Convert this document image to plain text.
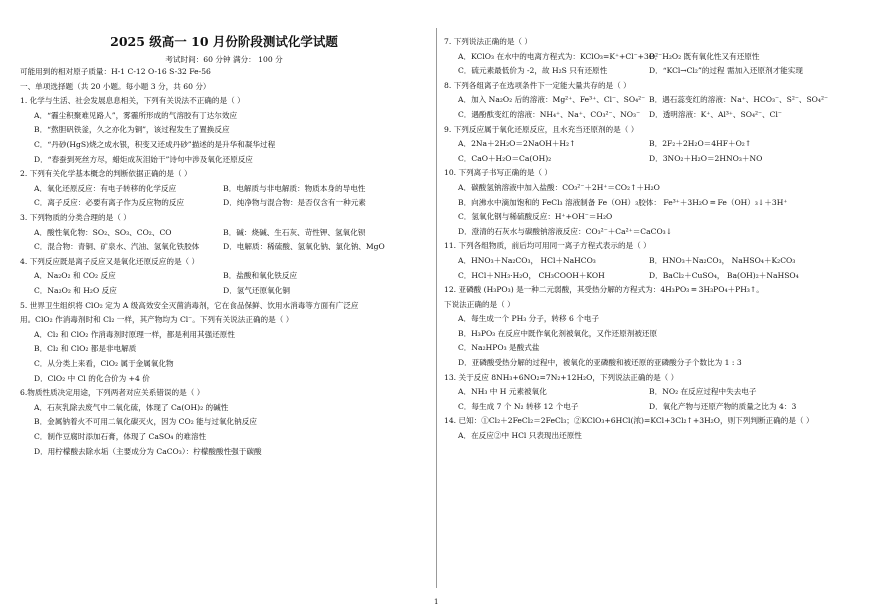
2025 级高一 10 月份阶段测试化学试题
考试时间：60 分钟 满分： 100 分
可能用到的相对原子质量：H-1 C-12 O-16 S-32 Fe-56
一、单项选择题（共 20 小题。每小题 3 分，共 60 分）
1. 化学与生活、社会发展息息相关，下列有关说法不正确的是（ ）
A．“霾尘积聚难见路人”，雾霾所形成的气溶胶有丁达尔效应
B．“熬胆矾铁釜，久之亦化为铜”，该过程发生了置换反应
C．“丹砂(HgS)烧之成水银，积变又还成丹砂”描述的是升华和凝华过程
D．“春蚕到死丝方尽，蜡炬成灰泪始干”诗句中涉及氧化还原反应
2. 下列有关化学基本概念的判断依据正确的是（ ）
A．氧化还原反应：有电子转移的化学反应	B．电解质与非电解质：物质本身的导电性
C．离子反应：必要有离子作为反应物的反应	D．纯净物与混合物：是否仅含有一种元素
3. 下列物质的分类合理的是（ ）
A．酸性氧化物：SO₂、SO₃、CO₂、CO	B．碱：烧碱、生石灰、苛性钾、氢氧化钡
C．混合物：青铜、矿泉水、汽油、氢氧化铁胶体	D．电解质：稀硫酸、氢氧化钠、氯化钠、MgO
4. 下列反应既是离子反应又是氧化还原反应的是（ ）
A．Na₂O₂ 和 CO₂ 反应	B．盐酸和氧化铁反应
C．Na₂O₂ 和 H₂O 反应	D．氢气还原氧化铜
5. 世界卫生组织将 ClO₂ 定为 A 级高效安全灭菌消毒剂，它在食品保鲜、饮用水消毒等方面有广泛应
用。ClO₂ 作消毒剂时和 Cl₂ 一样，其产物均为 Cl⁻。下列有关说法正确的是（ ）
A．Cl₂ 和 ClO₂ 作消毒剂时原理一样，都是利用其强还原性
B．Cl₂ 和 ClO₂ 都是非电解质
C．从分类上来看，ClO₂ 属于金属氧化物
D．ClO₂ 中 Cl 的化合价为 +4 价
6.物质性质决定用途，下列两者对应关系错误的是（ ）
A．石灰乳除去废气中二氧化硫，体现了 Ca(OH)₂ 的碱性
B．金属钠着火不可用二氧化碳灭火，因为 CO₂ 能与过氧化钠反应
C．制作豆腐时添加石膏，体现了 CaSO₄ 的难溶性
D．用柠檬酸去除水垢（主要成分为 CaCO₃）：柠檬酸酸性强于碳酸
7. 下列说法正确的是（ ）
A．KClO₃ 在水中的电离方程式为：KClO₃=K⁺+Cl⁻+3O²⁻
B．H₂O₂ 既有氧化性又有还原性
C．硫元素最低价为 -2，故 H₂S 只有还原性	D．“KCl→Cl₂”的过程 需加入还原剂才能实现
8. 下列各组离子在选项条件下一定能大量共存的是（ ）
A．加入 Na₂O₂ 后的溶液：Mg²⁺、Fe³⁺、Cl⁻、SO₄²⁻ B．遇石蕊变红的溶液：Na⁺、HCO₃⁻、S²⁻、SO₄²⁻
C．遇酚酞变红的溶液：NH₄⁺、Na⁺、CO₃²⁻、NO₃⁻	D．透明溶液：K⁺、Al³⁺、SO₄²⁻、Cl⁻
9. 下列反应属于氧化还原反应，且水充当还原剂的是（ ）
A．2Na＋2H₂O＝2NaOH＋H₂↑	B．2F₂＋2H₂O＝4HF＋O₂↑
C．CaO＋H₂O＝Ca(OH)₂	D．3NO₂＋H₂O＝2HNO₃＋NO
10. 下列离子书写正确的是（ ）
A．碳酸氢钠溶液中加入盐酸：CO₃²⁻＋2H⁺＝CO₂↑＋H₂O
B．向沸水中滴加饱和的 FeCl₃ 溶液制备 Fe（OH）₃胶体： Fe³⁺＋3H₂O ═ Fe（OH）₃↓＋3H⁺
C．氢氧化钢与稀硫酸反应：H⁺+OH⁻＝H₂O
D．澄清的石灰水与碳酸钠溶液反应：CO₃²⁻＋Ca²⁺＝CaCO₃↓
11. 下列各组物质，前后均可用同一离子方程式表示的是（ ）
A．HNO₃＋Na₂CO₃， HCl＋NaHCO₃	B．HNO₃＋Na₂CO₃， NaHSO₄＋K₂CO₃
C．HCl＋NH₃·H₂O， CH₃COOH＋KOH	D．BaCl₂＋CuSO₄， Ba(OH)₂＋NaHSO₄
12. 亚磷酸 (H₃PO₃) 是一种二元弱酸，其受热分解的方程式为：4H₃PO₃ ═ 3H₃PO₄＋PH₃↑。
下说法正确的是（ ）
A．每生成一个 PH₃ 分子，转移 6 个电子
B．H₃PO₃ 在反应中既作氧化剂被氧化，又作还原剂被还原
C．Na₂HPO₃ 是酸式盐
D．亚磷酸受热分解的过程中，被氧化的亚磷酸和被还原的亚磷酸分子个数比为 1 : 3
13. 关于反应 8NH₃+6NO₂=7N₂+12H₂O，下列说法正确的是（ ）
A．NH₃ 中 H 元素被氧化	B．NO₂ 在反应过程中失去电子
C．每生成 7 个 N₂ 转移 12 个电子	D．氧化产物与还原产物的质量之比为 4：3
14. 已知：①Cl₂＋2FeCl₂＝2FeCl₃；②KClO₃+6HCl(浓)=KCl+3Cl₂↑+3H₂O，则下列判断正确的是（ ）
A．在反应②中 HCl 只表现出还原性
1
